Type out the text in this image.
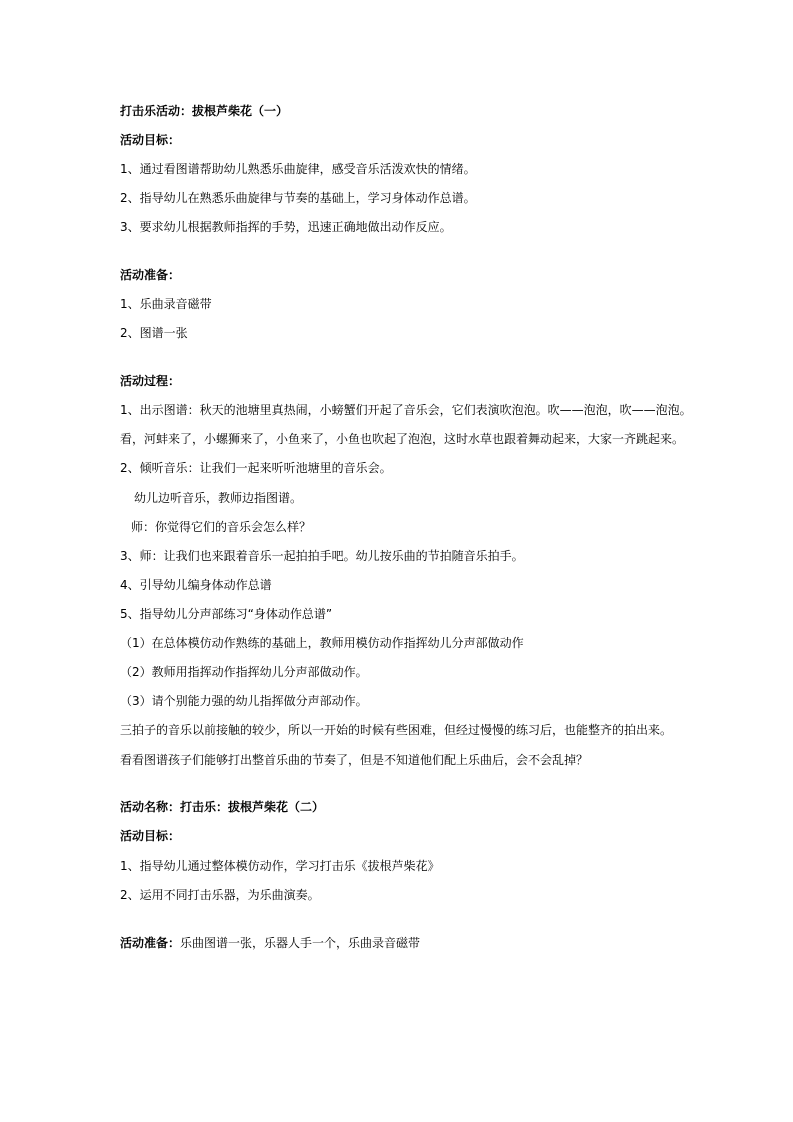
打击乐活动：拔根芦柴花（一）
活动目标：
1、通过看图谱帮助幼儿熟悉乐曲旋律，感受音乐活泼欢快的情绪。
2、指导幼儿在熟悉乐曲旋律与节奏的基础上，学习身体动作总谱。
3、要求幼儿根据教师指挥的手势，迅速正确地做出动作反应。
活动准备：
1、乐曲录音磁带
2、图谱一张
活动过程：
1、出示图谱：秋天的池塘里真热闹，小螃蟹们开起了音乐会，它们表演吹泡泡。吹——泡泡，吹——泡泡。
看，河蚌来了，小螺狮来了，小鱼来了，小鱼也吹起了泡泡，这时水草也跟着舞动起来，大家一齐跳起来。
2、倾听音乐：让我们一起来听听池塘里的音乐会。
幼儿边听音乐，教师边指图谱。
师：你觉得它们的音乐会怎么样？
3、师：让我们也来跟着音乐一起拍拍手吧。幼儿按乐曲的节拍随音乐拍手。
4、引导幼儿编身体动作总谱
5、指导幼儿分声部练习“身体动作总谱”
（1）在总体模仿动作熟练的基础上，教师用模仿动作指挥幼儿分声部做动作
（2）教师用指挥动作指挥幼儿分声部做动作。
（3）请个别能力强的幼儿指挥做分声部动作。
三拍子的音乐以前接触的较少，所以一开始的时候有些困难，但经过慢慢的练习后，也能整齐的拍出来。
看看图谱孩子们能够打出整首乐曲的节奏了，但是不知道他们配上乐曲后，会不会乱掉？
活动名称：打击乐：拔根芦柴花（二）
活动目标：
1、指导幼儿通过整体模仿动作，学习打击乐《拔根芦柴花》
2、运用不同打击乐器，为乐曲演奏。
活动准备：乐曲图谱一张，乐器人手一个，乐曲录音磁带
